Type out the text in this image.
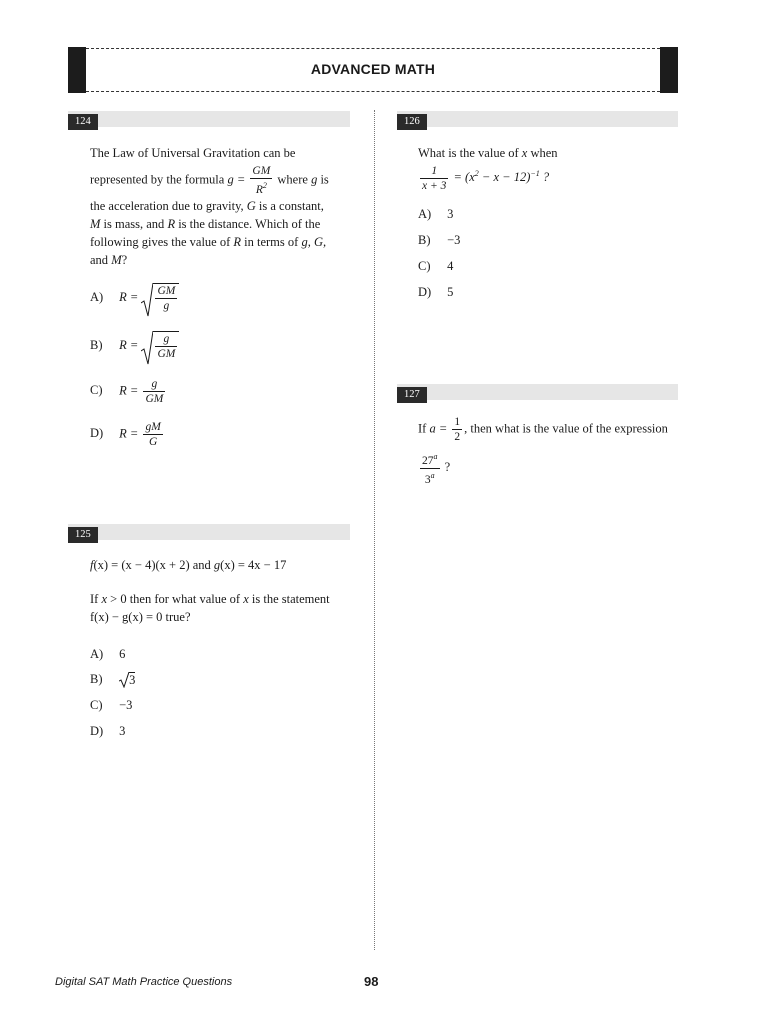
ADVANCED MATH
124

The Law of Universal Gravitation can be

represented by the formula $g = \frac{GM}{R^2}$ where g is

the acceleration due to gravity, G is a constant,

M is mass, and R is the distance. Which of the

following gives the value of R in terms of g, G,

and M?

A) $R = \frac{GM}{g}$
B) $R = \frac{g}{GM}$
C) $R = \frac{g}{GM}$
D) $R = \frac{gM}{G}$
125

f(x) = (x − 4)(x + 2) and g(x) = 4x − 17

If x > 0 then for what value of x is the statement

f(x) − g(x) = 0 true?

A) 6
B) 3
C) −3
D) 3
126

What is the value of x when

$\frac{1}{x + 3} = (x^2 - x - 12)^{-1}$ ?

A) 3
B) −3
C) 4
D) 5
127

If $a = \frac{1}{2}$ , then what is the value of the expression

$\frac{27^a}{3^a}$ ?

Digital SAT Math Practice Questions	98
